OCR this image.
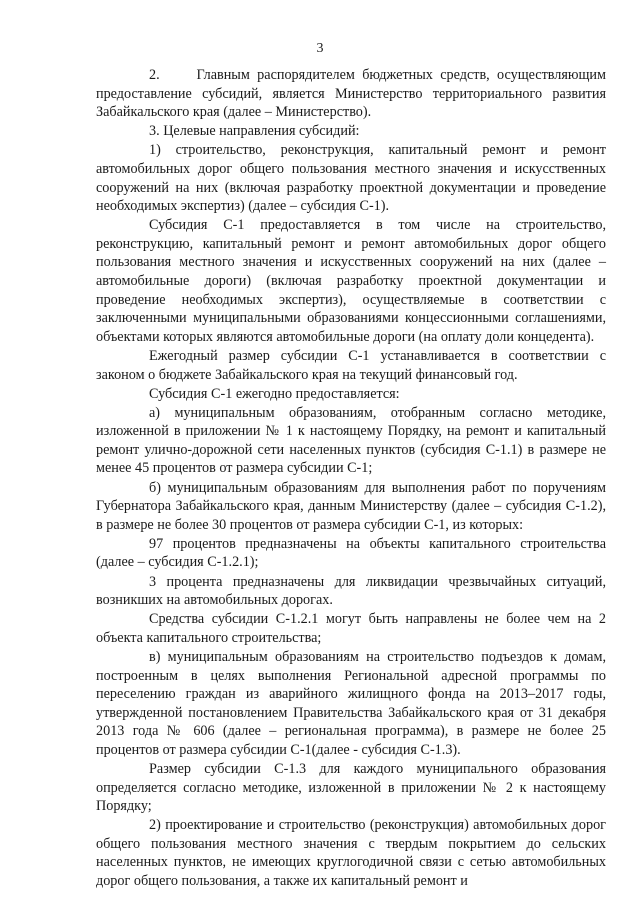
3

2.     Главным распорядителем бюджетных средств, осуществляющим предоставление субсидий, является Министерство территориального развития Забайкальского края (далее – Министерство).

3. Целевые направления субсидий:

1) строительство, реконструкция, капитальный ремонт и ремонт автомобильных дорог общего пользования местного значения и искусственных сооружений на них (включая разработку проектной документации и проведение необходимых экспертиз) (далее – субсидия С-1).

Субсидия С-1 предоставляется в том числе на строительство, реконструкцию, капитальный ремонт и ремонт автомобильных дорог общего пользования местного значения и искусственных сооружений на них (далее – автомобильные дороги) (включая разработку проектной документации и проведение необходимых экспертиз), осуществляемые в соответствии с заключенными муниципальными образованиями концессионными соглашениями, объектами которых являются автомобильные дороги (на оплату доли концедента).

Ежегодный размер субсидии С-1 устанавливается в соответствии с законом о бюджете Забайкальского края на текущий финансовый год.

Субсидия С-1 ежегодно предоставляется:

а) муниципальным образованиям, отобранным согласно методике, изложенной в приложении № 1 к настоящему Порядку, на ремонт и капитальный ремонт улично-дорожной сети населенных пунктов (субсидия С-1.1) в размере не менее 45 процентов от размера субсидии С-1;

б) муниципальным образованиям для выполнения работ по поручениям Губернатора Забайкальского края, данным Министерству (далее – субсидия С-1.2), в размере не более 30 процентов от размера субсидии С-1, из которых:

97 процентов предназначены на объекты капитального строительства (далее – субсидия С-1.2.1);

3 процента предназначены для ликвидации чрезвычайных ситуаций, возникших на автомобильных дорогах.

Средства субсидии С-1.2.1 могут быть направлены не более чем на 2 объекта капитального строительства;

в) муниципальным образованиям на строительство подъездов к домам, построенным в целях выполнения Региональной адресной программы по переселению граждан из аварийного жилищного фонда на 2013–2017 годы, утвержденной постановлением Правительства Забайкальского края от 31 декабря 2013 года № 606 (далее – региональная программа), в размере не более 25 процентов от размера субсидии С-1(далее - субсидия С-1.3).

Размер субсидии С-1.3 для каждого муниципального образования определяется согласно методике, изложенной в приложении № 2 к настоящему Порядку;

2) проектирование и строительство (реконструкция) автомобильных дорог общего пользования местного значения с твердым покрытием до сельских населенных пунктов, не имеющих круглогодичной связи с сетью автомобильных дорог общего пользования, а также их капитальный ремонт и
